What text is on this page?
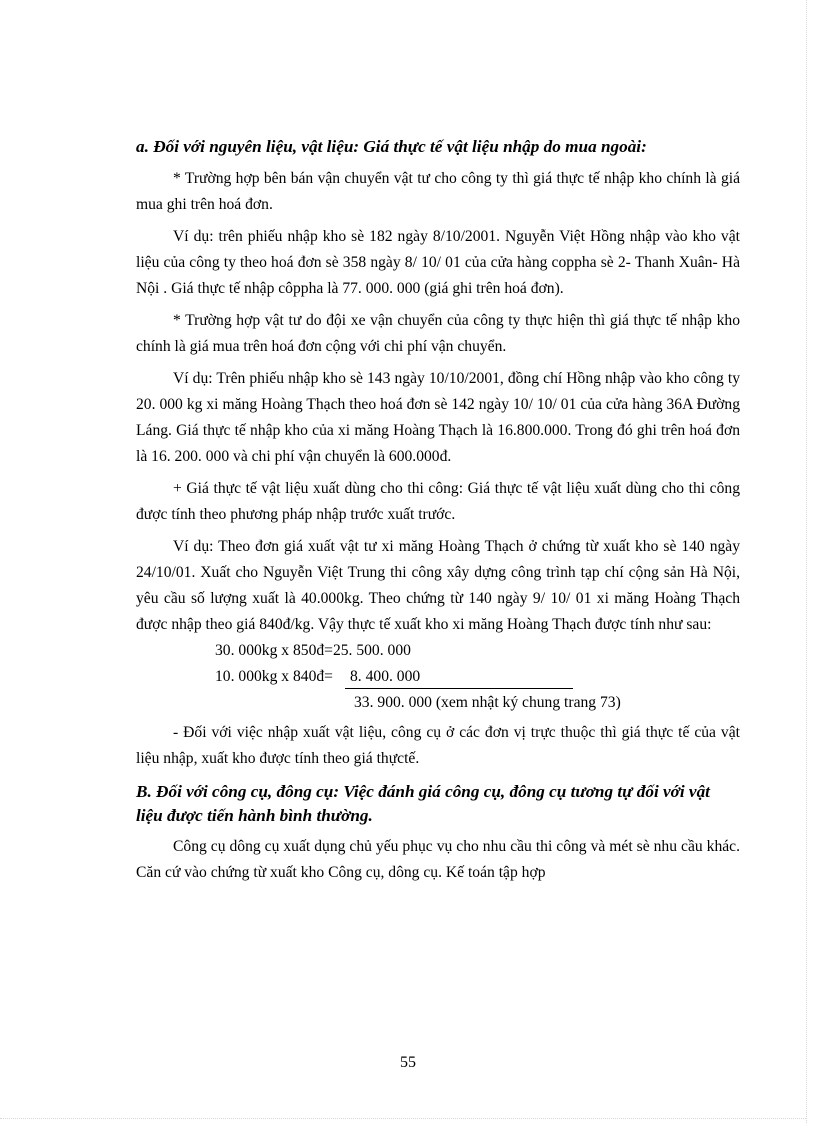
a. Đối với nguyên liệu, vật liệu: Giá thực tế vật liệu nhập do mua ngoài:

* Trường hợp bên bán vận chuyển vật tư cho công ty thì giá thực tế nhập kho chính là giá mua ghi trên hoá đơn.

Ví dụ: trên phiếu nhập kho sè 182 ngày 8/10/2001. Nguyễn Việt Hồng nhập vào kho vật liệu của công ty theo hoá đơn sè 358 ngày 8/ 10/ 01 của cửa hàng coppha sè 2- Thanh Xuân- Hà Nội . Giá thực tế nhập côppha là 77. 000. 000 (giá ghi trên hoá đơn).

* Trường hợp vật tư do đội xe vận chuyển của công ty thực hiện thì giá thực tế nhập kho chính là giá mua trên hoá đơn cộng với chi phí vận chuyển.

Ví dụ: Trên phiếu nhập kho sè 143 ngày 10/10/2001, đồng chí Hồng nhập vào kho công ty 20. 000 kg xi măng Hoàng Thạch theo hoá đơn sè 142 ngày 10/ 10/ 01 của cửa hàng 36A Đường Láng. Giá thực tế nhập kho của xi măng Hoàng Thạch là 16.800.000. Trong đó ghi trên hoá đơn là 16. 200. 000 và chi phí vận chuyển là 600.000đ.

+ Giá thực tế vật liệu xuất dùng cho thi công: Giá thực tế vật liệu xuất dùng cho thi công được tính theo phương pháp nhập trước xuất trước.

Ví dụ: Theo đơn giá xuất vật tư xi măng Hoàng Thạch ở chứng từ xuất kho sè 140 ngày 24/10/01. Xuất cho Nguyễn Việt Trung thi công xây dựng công trình tạp chí cộng sản Hà Nội, yêu cầu số lượng xuất là 40.000kg. Theo chứng từ 140 ngày 9/ 10/ 01 xi măng Hoàng Thạch được nhập theo giá 840đ/kg. Vậy thực tế xuất kho xi măng Hoàng Thạch được tính như sau:

30. 000kg x 850đ=25. 500. 000
10. 000kg x 840đ= 8. 400. 000
33. 900. 000 (xem nhật ký chung trang 73)

- Đối với việc nhập xuất vật liệu, công cụ ở các đơn vị trực thuộc thì giá thực tế của vật liệu nhập, xuất kho được tính theo giá thựctế.

B. Đối với công cụ, đông cụ: Việc đánh giá công cụ, đông cụ tương tự đối với vật liệu được tiến hành bình thường.

Công cụ dông cụ xuất dụng chủ yếu phục vụ cho nhu cầu thi công và mét sè nhu cầu khác. Căn cứ vào chứng từ xuất kho Công cụ, dông cụ. Kế toán tập hợp

55
